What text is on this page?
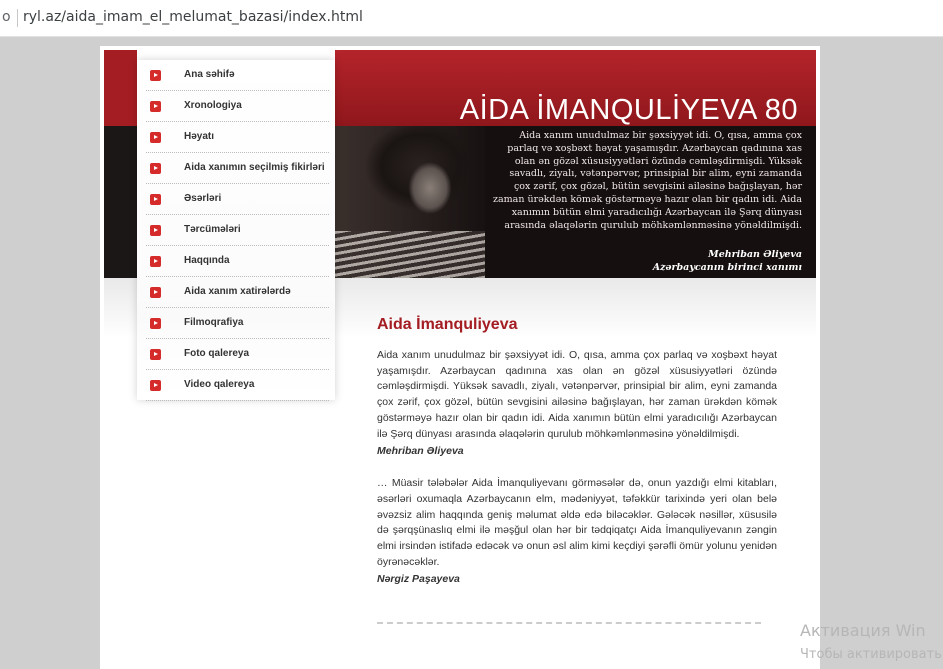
o ryl.az/aida_imam_el_melumat_bazasi/index.html
AİDA İMANQULİYEVA 80
Aida xanım unudulmaz bir şəxsiyyət idi. O, qısa, amma çox parlaq və xoşbəxt həyat yaşamışdır. Azərbaycan qadınına xas olan ən gözəl xüsusiyyətləri özündə cəmləşdirmişdi. Yüksək savadlı, ziyalı, vətənpərvər, prinsipial bir alim, eyni zamanda çox zərif, çox gözəl, bütün sevgisini ailəsinə bağışlayan, hər zaman ürəkdən kömək göstərməyə hazır olan bir qadın idi. Aida xanımın bütün elmi yaradıcılığı Azərbaycan ilə Şərq dünyası arasında əlaqələrin qurulub möhkəmlənməsinə yönəldilmişdi.
Mehriban Əliyeva
Azərbaycanın birinci xanımı
Ana səhifə
Xronologiya
Həyatı
Aida xanımın seçilmiş fikirləri
Əsərləri
Tərcümələri
Haqqında
Aida xanım xatirələrdə
Filmoqrafiya
Foto qalereya
Video qalereya
Aida İmanquliyeva

Aida xanım unudulmaz bir şəxsiyyət idi. O, qısa, amma çox parlaq və xoşbəxt həyat yaşamışdır. Azərbaycan qadınına xas olan ən gözəl xüsusiyyətləri özündə cəmləşdirmişdi. Yüksək savadlı, ziyalı, vətənpərvər, prinsipial bir alim, eyni zamanda çox zərif, çox gözəl, bütün sevgisini ailəsinə bağışlayan, hər zaman ürəkdən kömək göstərməyə hazır olan bir qadın idi. Aida xanımın bütün elmi yaradıcılığı Azərbaycan ilə Şərq dünyası arasında əlaqələrin qurulub möhkəmlənməsinə yönəldilmişdi.

Mehriban Əliyeva

… Müasir tələbələr Aida İmanquliyevanı görməsələr də, onun yazdığı elmi kitabları, əsərləri oxumaqla Azərbaycanın elm, mədəniyyət, təfəkkür tarixində yeri olan belə əvəzsiz alim haqqında geniş məlumat əldə edə biləcəklər. Gələcək nəsillər, xüsusilə də şərqşünaslıq elmi ilə məşğul olan hər bir tədqiqatçı Aida İmanquliyevanın zəngin elmi irsindən istifadə edəcək və onun əsl alim kimi keçdiyi şərəfli ömür yolunu yenidən öyrənəcəklər.

Nərgiz Paşayeva

Активация Win
Чтобы активировать
